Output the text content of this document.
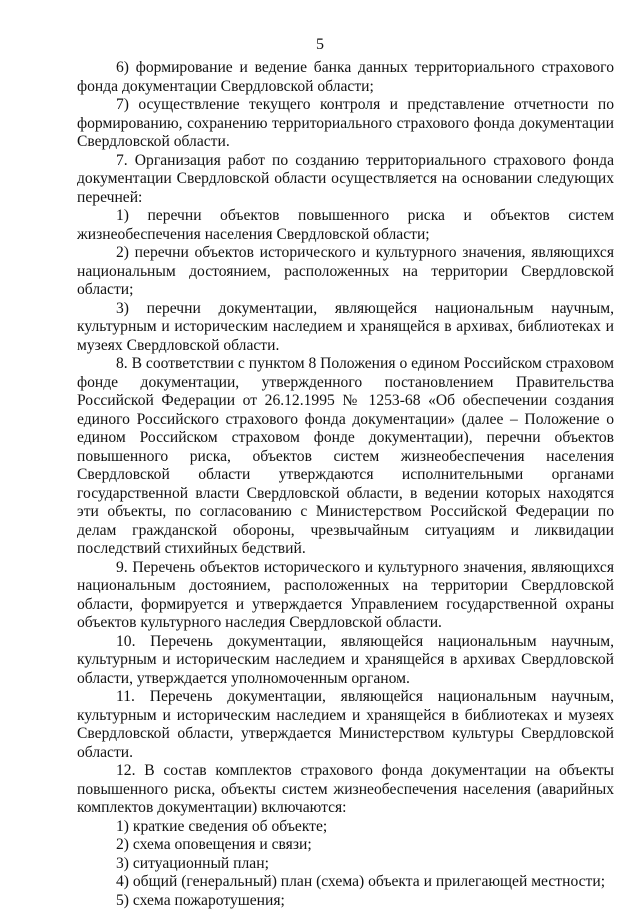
5

6) формирование и ведение банка данных территориального страхового фонда документации Свердловской области;

7) осуществление текущего контроля и представление отчетности по формированию, сохранению территориального страхового фонда документации Свердловской области.

7. Организация работ по созданию территориального страхового фонда документации Свердловской области осуществляется на основании следующих перечней:

1) перечни объектов повышенного риска и объектов систем жизнеобеспечения населения Свердловской области;

2) перечни объектов исторического и культурного значения, являющихся национальным достоянием, расположенных на территории Свердловской области;

3) перечни документации, являющейся национальным научным, культурным и историческим наследием и хранящейся в архивах, библиотеках и музеях Свердловской области.

8. В соответствии с пунктом 8 Положения о едином Российском страховом фонде документации, утвержденного постановлением Правительства Российской Федерации от 26.12.1995 № 1253-68 «Об обеспечении создания единого Российского страхового фонда документации» (далее – Положение о едином Российском страховом фонде документации), перечни объектов повышенного риска, объектов систем жизнеобеспечения населения Свердловской области утверждаются исполнительными органами государственной власти Свердловской области, в ведении которых находятся эти объекты, по согласованию с Министерством Российской Федерации по делам гражданской обороны, чрезвычайным ситуациям и ликвидации последствий стихийных бедствий.

9. Перечень объектов исторического и культурного значения, являющихся национальным достоянием, расположенных на территории Свердловской области, формируется и утверждается Управлением государственной охраны объектов культурного наследия Свердловской области.

10. Перечень документации, являющейся национальным научным, культурным и историческим наследием и хранящейся в архивах Свердловской области, утверждается уполномоченным органом.

11. Перечень документации, являющейся национальным научным, культурным и историческим наследием и хранящейся в библиотеках и музеях Свердловской области, утверждается Министерством культуры Свердловской области.

12. В состав комплектов страхового фонда документации на объекты повышенного риска, объекты систем жизнеобеспечения населения (аварийных комплектов документации) включаются:

1) краткие сведения об объекте;

2) схема оповещения и связи;

3) ситуационный план;

4) общий (генеральный) план (схема) объекта и прилегающей местности;

5) схема пожаротушения;
